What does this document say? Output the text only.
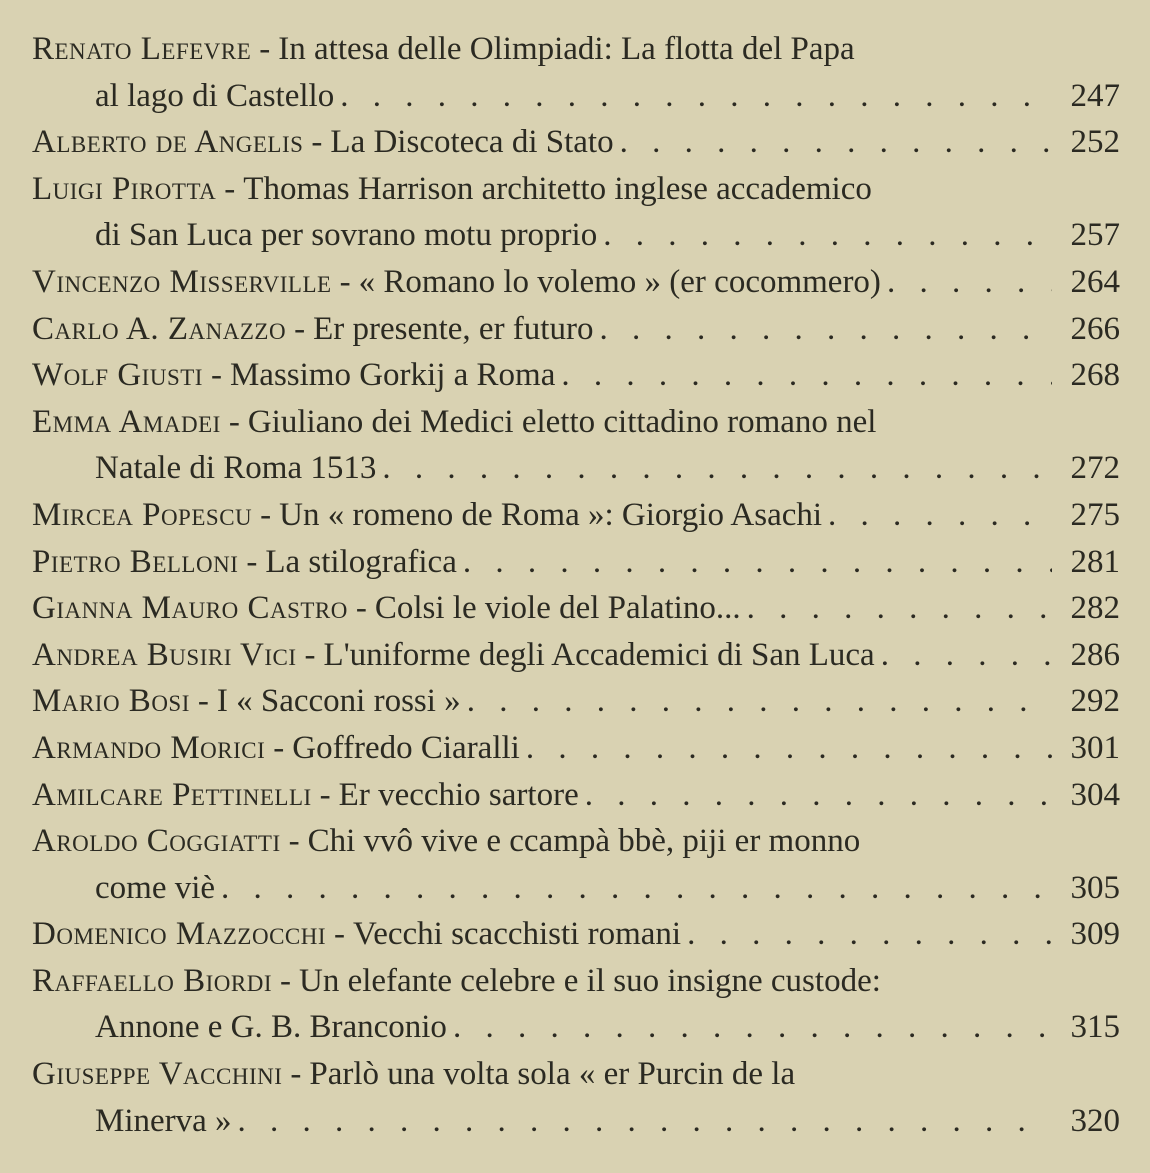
Renato Lefevre - In attesa delle Olimpiadi: La flotta del Papa
al lago di Castello . . .	247
Alberto de Angelis - La Discoteca di Stato . . .	252
Luigi Pirotta - Thomas Harrison architetto inglese accademico
di San Luca per sovrano motu proprio . . .	257
Vincenzo Misserville - « Romano lo volemo » (er cocommero) . . .	264
Carlo A. Zanazzo - Er presente, er futuro . . .	266
Wolf Giusti - Massimo Gorkij a Roma . . .	268
Emma Amadei - Giuliano dei Medici eletto cittadino romano nel
Natale di Roma 1513 . . .	272
Mircea Popescu - Un « romeno de Roma »: Giorgio Asachi . . .	275
Pietro Belloni - La stilografica . . .	281
Gianna Mauro Castro - Colsi le viole del Palatino... . . .	282
Andrea Busiri Vici - L'uniforme degli Accademici di San Luca . . .	286
Mario Bosi - I « Sacconi rossi » . . .	292
Armando Morici - Goffredo Ciaralli . . .	301
Amilcare Pettinelli - Er vecchio sartore . . .	304
Aroldo Coggiatti - Chi vvô vive e ccampà bbè, piji er monno
come viè . . .	305
Domenico Mazzocchi - Vecchi scacchisti romani . . .	309
Raffaello Biordi - Un elefante celebre e il suo insigne custode:
Annone e G. B. Branconio . . .	315
Giuseppe Vacchini - Parlò una volta sola « er Purcin de la
Minerva » . . .	320
